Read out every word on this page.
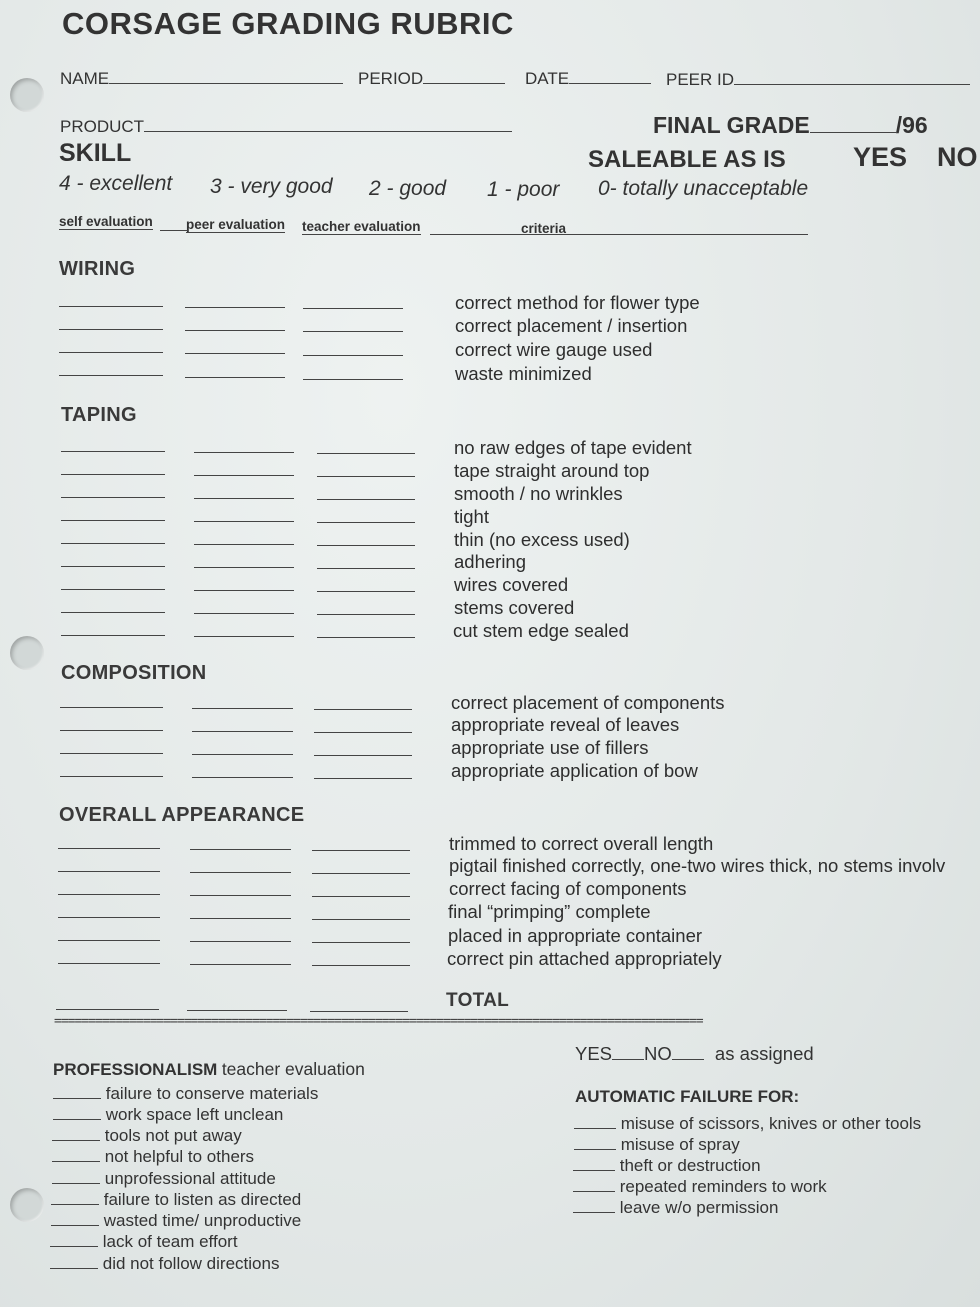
CORSAGE GRADING RUBRIC
NAME	PERIOD	DATE	PEER ID
PRODUCT	FINAL GRADE	/96
SKILL	SALEABLE AS IS YES NO
4 - excellent 3 - very good 2 - good 1 - poor 0- totally unacceptable
self evaluation peer evaluation teacher evaluation	criteria
WIRING
correct method for flower type
correct placement / insertion
correct wire gauge used
waste minimized
TAPING
no raw edges of tape evident
tape straight around top
smooth / no wrinkles
tight
thin (no excess used)
adhering
wires covered
stems covered
cut stem edge sealed
COMPOSITION
correct placement of components
appropriate reveal of leaves
appropriate use of fillers
appropriate application of bow
OVERALL APPEARANCE
trimmed to correct overall length
pigtail finished correctly, one-two wires thick, no stems involv
correct facing of components
final “primping” complete
placed in appropriate container
correct pin attached appropriately
TOTAL
===============================================================================================
PROFESSIONALISM teacher evaluation
failure to conserve materials
work space left unclean
tools not put away
not helpful to others
unprofessional attitude
failure to listen as directed
wasted time/ unproductive
lack of team effort
did not follow directions
YES NO as assigned
AUTOMATIC FAILURE FOR:
misuse of scissors, knives or other tools
misuse of spray
theft or destruction
repeated reminders to work
leave w/o permission
